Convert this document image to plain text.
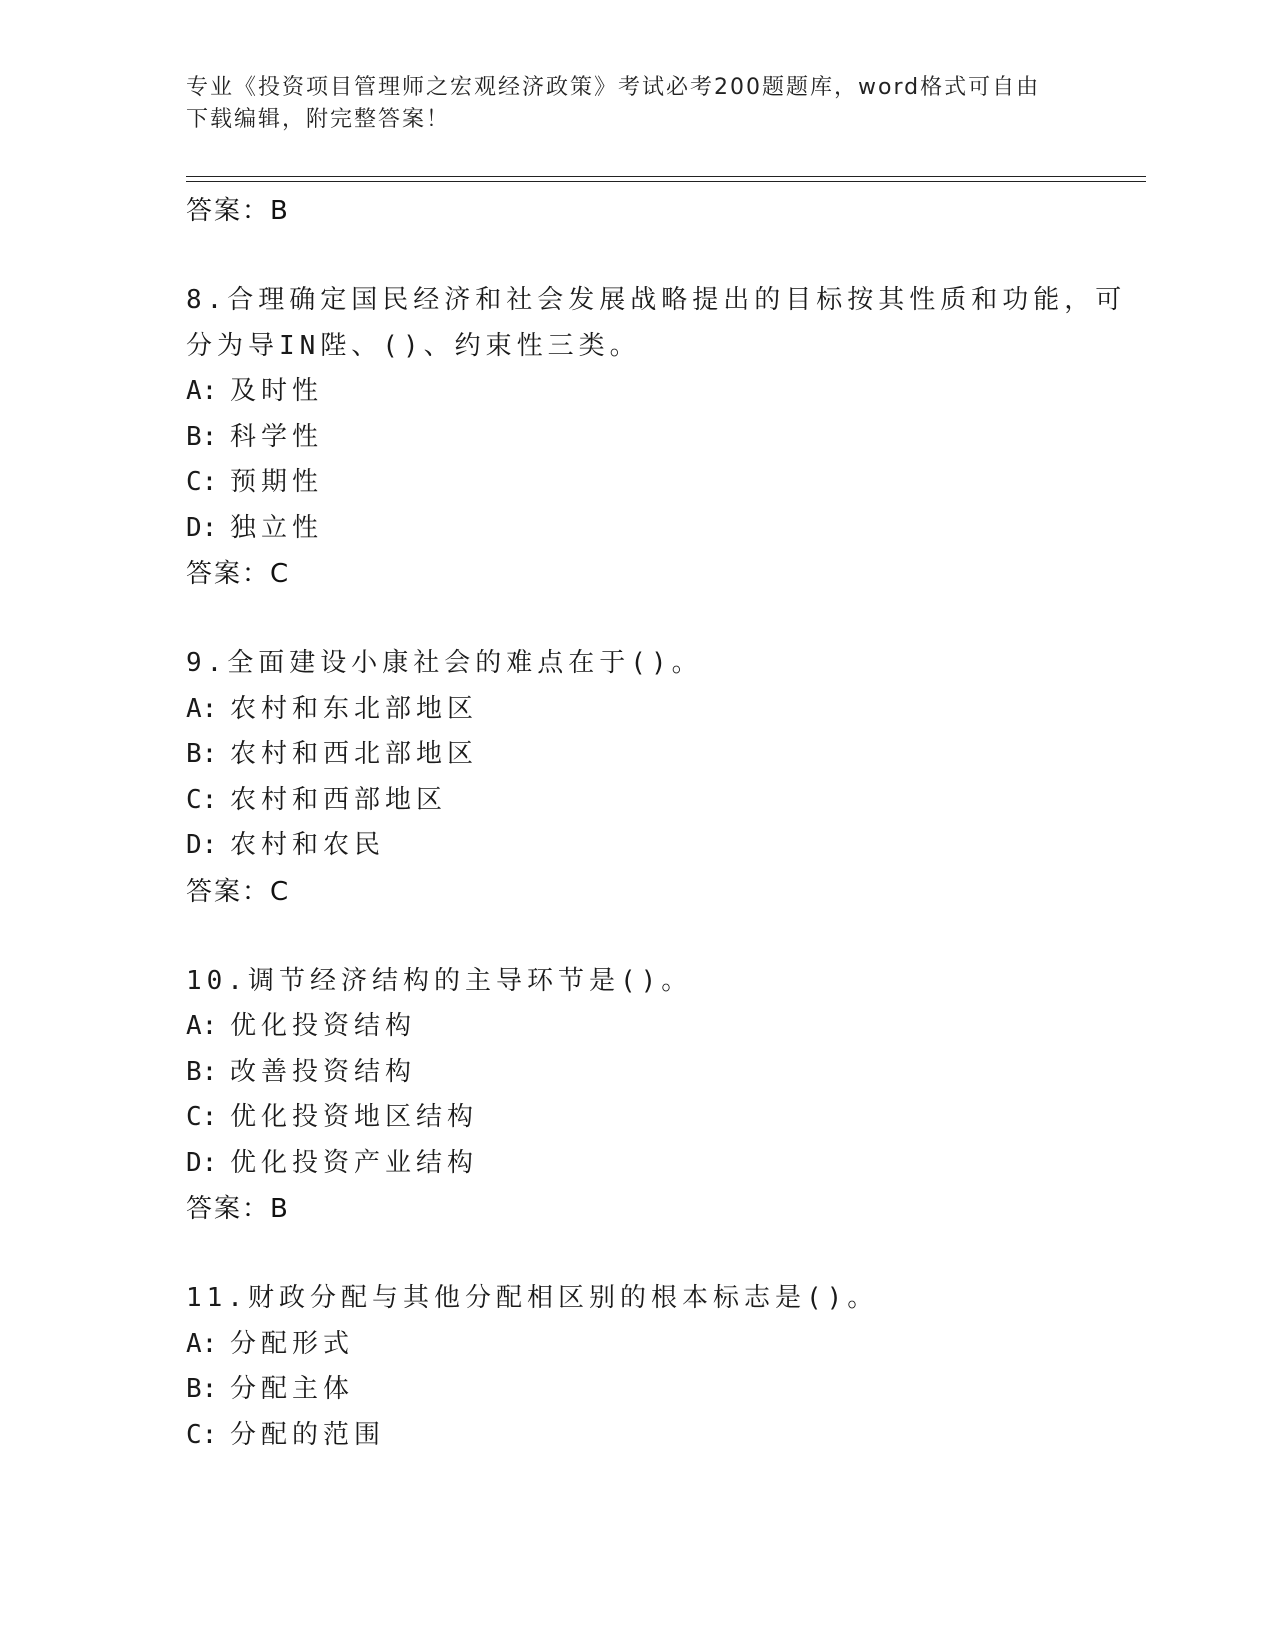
专业《投资项目管理师之宏观经济政策》考试必考200题题库，word格式可自由
下载编辑，附完整答案！
答案：B
8.合理确定国民经济和社会发展战略提出的目标按其性质和功能，可
分为导IN陛、()、约束性三类。
A: 及时性
B: 科学性
C: 预期性
D: 独立性
答案：C
9.全面建设小康社会的难点在于()。
A: 农村和东北部地区
B: 农村和西北部地区
C: 农村和西部地区
D: 农村和农民
答案：C
10.调节经济结构的主导环节是()。
A: 优化投资结构
B: 改善投资结构
C: 优化投资地区结构
D: 优化投资产业结构
答案：B
11.财政分配与其他分配相区别的根本标志是()。
A: 分配形式
B: 分配主体
C: 分配的范围
